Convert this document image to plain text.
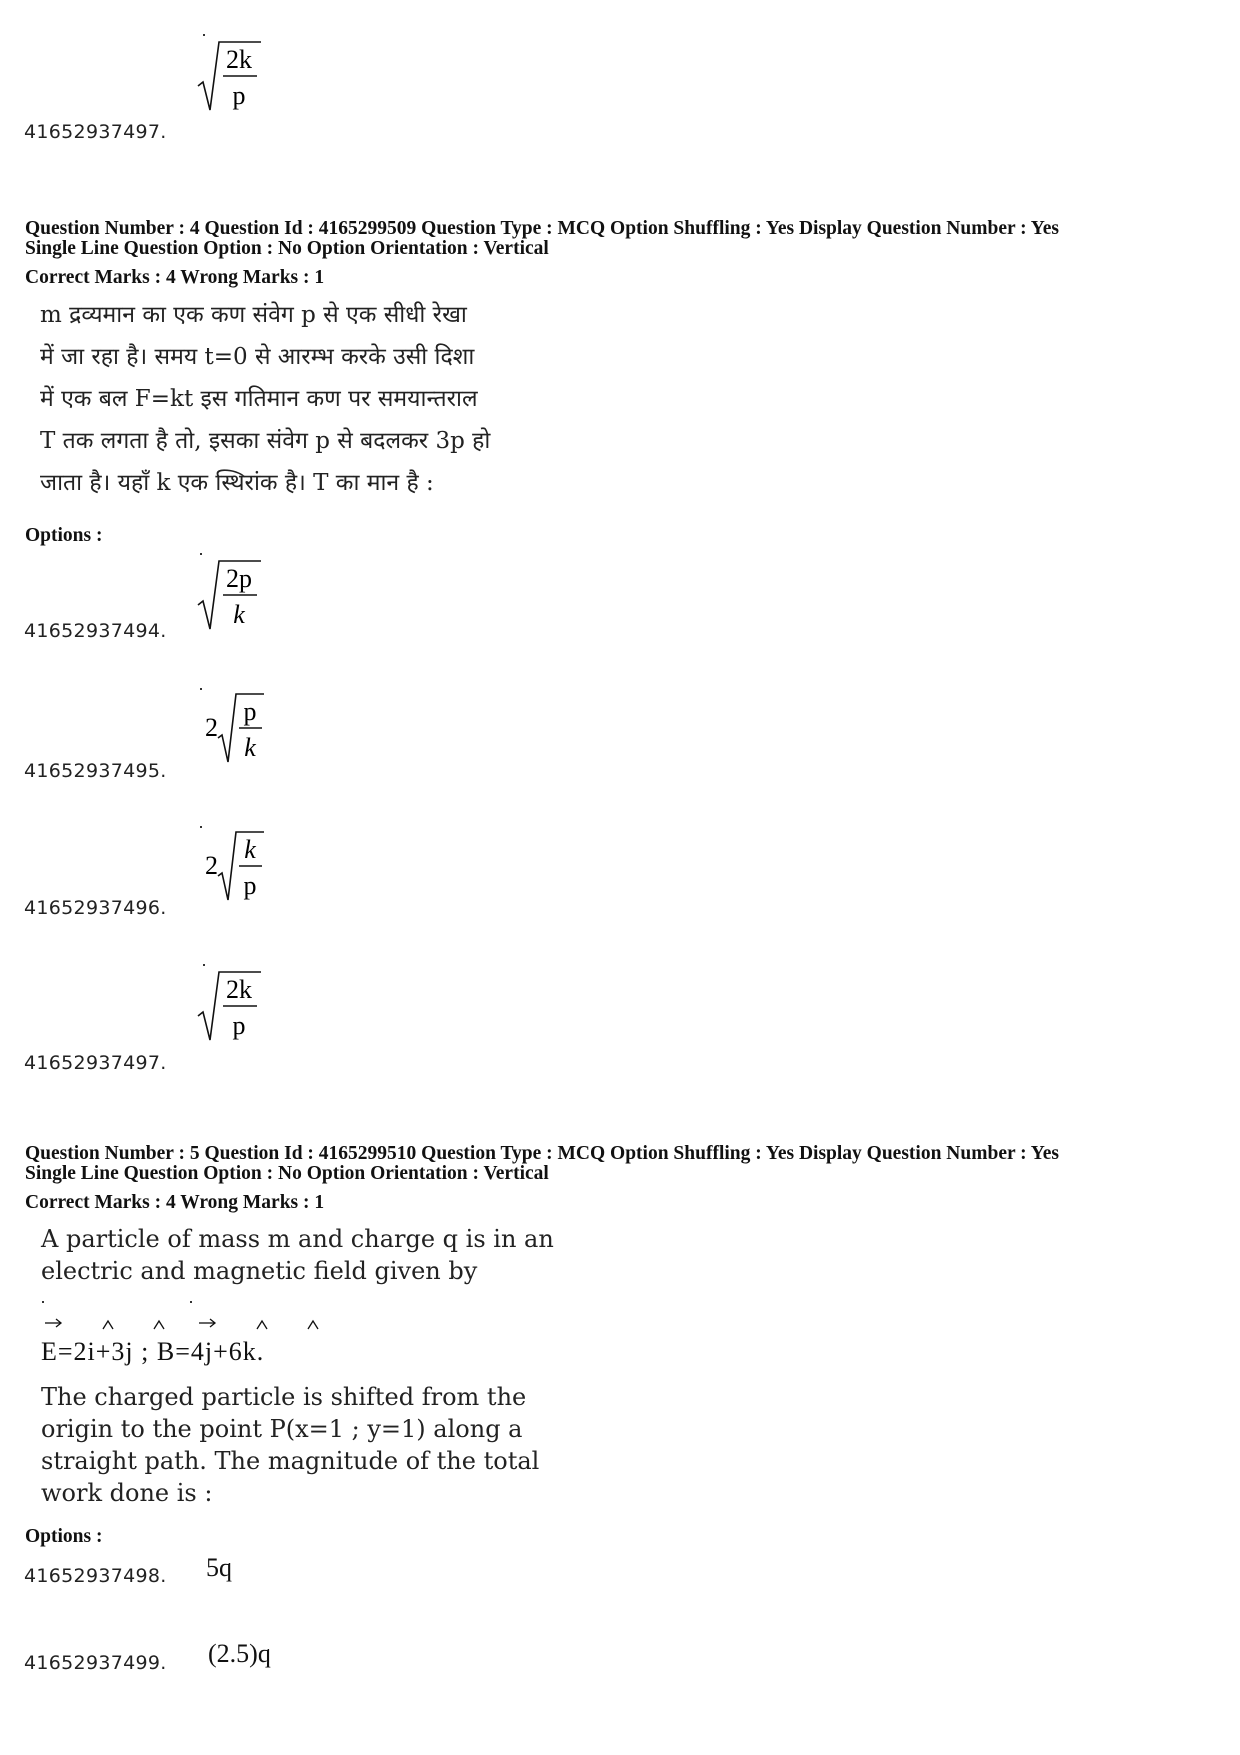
2k
p
41652937497.
Question Number : 4 Question Id : 4165299509 Question Type : MCQ Option Shuffling : Yes Display Question Number : Yes
Single Line Question Option : No Option Orientation : Vertical
Correct Marks : 4 Wrong Marks : 1
m द्रव्यमान का एक कण संवेग p से एक सीधी रेखा
में जा रहा है। समय t=0 से आरम्भ करके उसी दिशा
में एक बल F=kt इस गतिमान कण पर समयान्तराल
T तक लगता है तो, इसका संवेग p से बदलकर 3p हो
जाता है। यहाँ k एक स्थिरांक है। T का मान है :
Options :
2p
k
41652937494.
2
p
k
41652937495.
2
k
p
41652937496.
2k
p
41652937497.
Question Number : 5 Question Id : 4165299510 Question Type : MCQ Option Shuffling : Yes Display Question Number : Yes
Single Line Question Option : No Option Orientation : Vertical
Correct Marks : 4 Wrong Marks : 1
A particle of mass m and charge q is in an
electric and magnetic field given by
E=2i+3j ; B=4j+6k.
The charged particle is shifted from the
origin to the point P(x=1 ; y=1) along a
straight path. The magnitude of the total
work done is :
Options :
5q
41652937498.
(2.5)q
41652937499.
